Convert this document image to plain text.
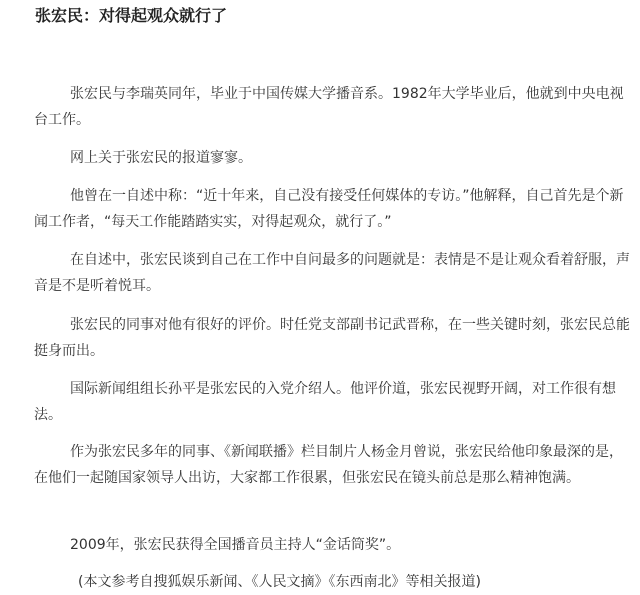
张宏民：对得起观众就行了

张宏民与李瑞英同年，毕业于中国传媒大学播音系。1982年大学毕业后，他就到中央电视台工作。

网上关于张宏民的报道寥寥。

他曾在一自述中称：“近十年来，自己没有接受任何媒体的专访。”他解释，自己首先是个新闻工作者，“每天工作能踏踏实实，对得起观众，就行了。”

在自述中，张宏民谈到自己在工作中自问最多的问题就是：表情是不是让观众看着舒服，声音是不是听着悦耳。

张宏民的同事对他有很好的评价。时任党支部副书记武晋称，在一些关键时刻，张宏民总能挺身而出。

国际新闻组组长孙平是张宏民的入党介绍人。他评价道，张宏民视野开阔，对工作很有想法。

作为张宏民多年的同事、《新闻联播》栏目制片人杨金月曾说，张宏民给他印象最深的是，在他们一起随国家领导人出访，大家都工作很累，但张宏民在镜头前总是那么精神饱满。

2009年，张宏民获得全国播音员主持人“金话筒奖”。

(本文参考自搜狐娱乐新闻、《人民文摘》《东西南北》等相关报道)
